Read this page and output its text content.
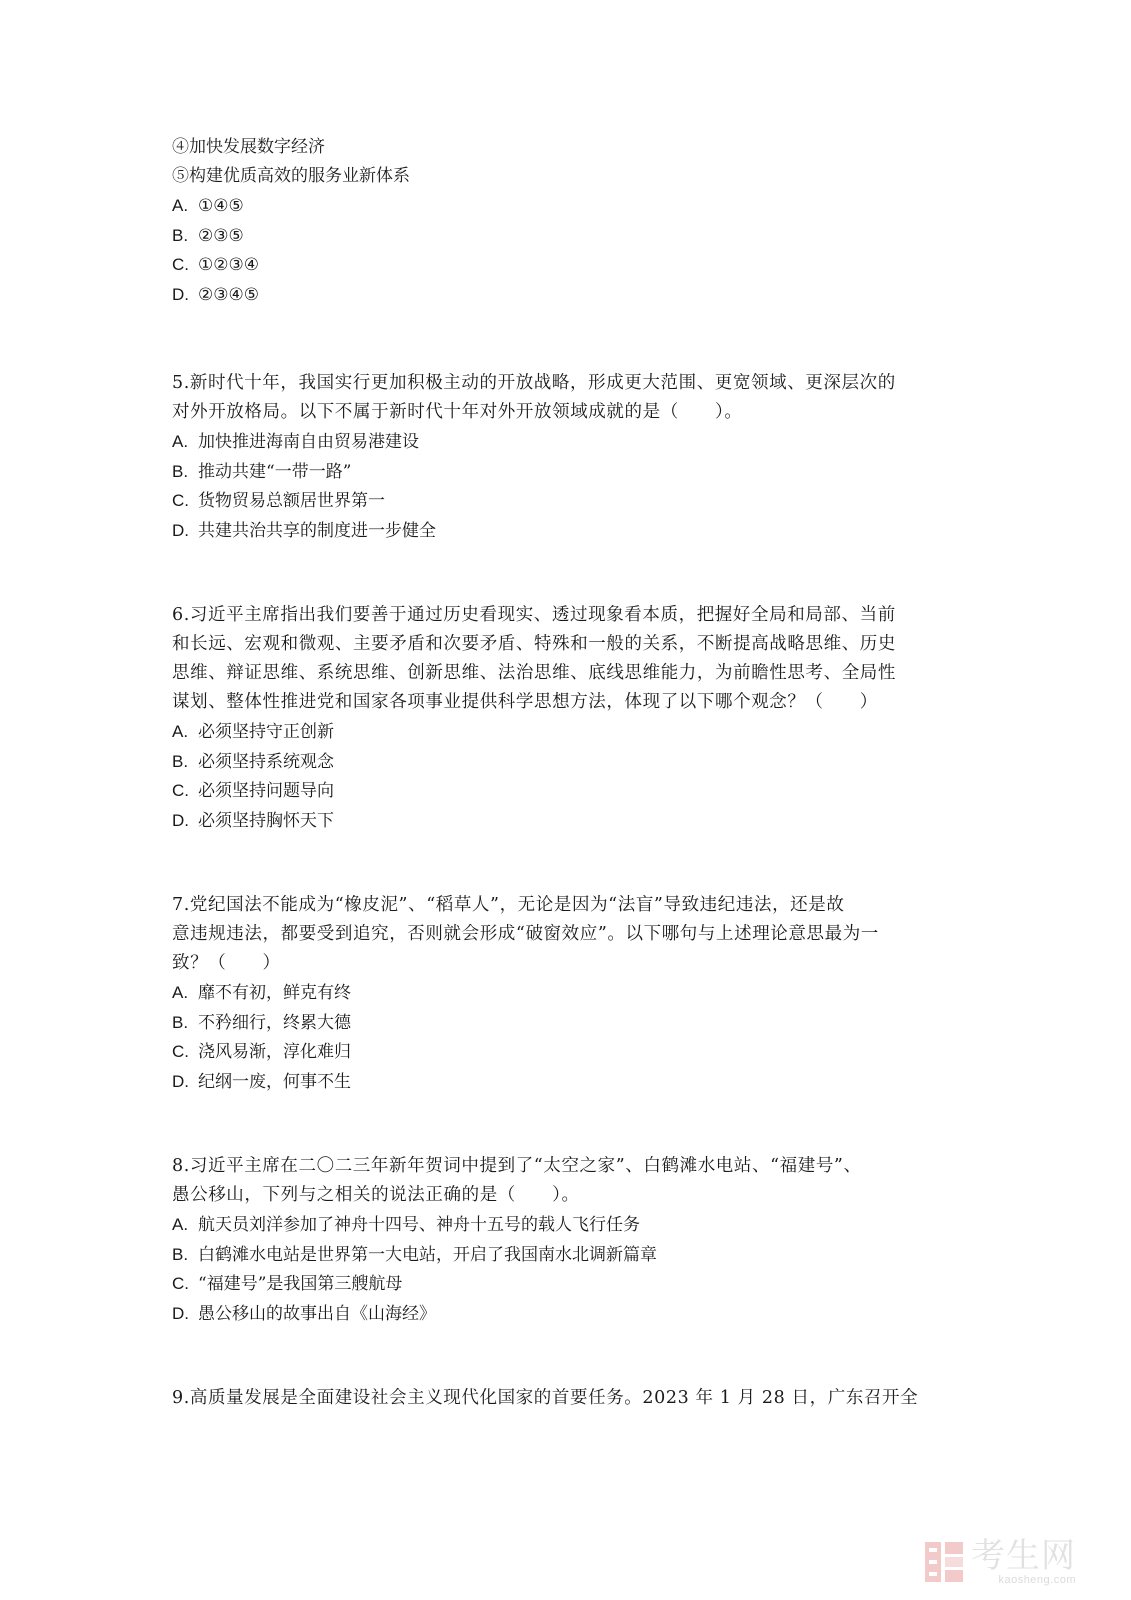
④加快发展数字经济
⑤构建优质高效的服务业新体系
A. ①④⑤
B. ②③⑤
C. ①②③④
D. ②③④⑤
5.新时代十年，我国实行更加积极主动的开放战略，形成更大范围、更宽领域、更深层次的
对外开放格局。以下不属于新时代十年对外开放领域成就的是（　　）。
A. 加快推进海南自由贸易港建设
B. 推动共建“一带一路”
C. 货物贸易总额居世界第一
D. 共建共治共享的制度进一步健全
6.习近平主席指出我们要善于通过历史看现实、透过现象看本质，把握好全局和局部、当前
和长远、宏观和微观、主要矛盾和次要矛盾、特殊和一般的关系，不断提高战略思维、历史
思维、辩证思维、系统思维、创新思维、法治思维、底线思维能力，为前瞻性思考、全局性
谋划、整体性推进党和国家各项事业提供科学思想方法，体现了以下哪个观念？（　　）
A. 必须坚持守正创新
B. 必须坚持系统观念
C. 必须坚持问题导向
D. 必须坚持胸怀天下
7.党纪国法不能成为“橡皮泥”、“稻草人”，无论是因为“法盲”导致违纪违法，还是故
意违规违法，都要受到追究，否则就会形成“破窗效应”。以下哪句与上述理论意思最为一
致？（　　）
A. 靡不有初，鲜克有终
B. 不矜细行，终累大德
C. 浇风易渐，淳化难归
D. 纪纲一废，何事不生
8.习近平主席在二〇二三年新年贺词中提到了“太空之家”、白鹤滩水电站、“福建号”、
愚公移山，下列与之相关的说法正确的是（　　）。
A. 航天员刘洋参加了神舟十四号、神舟十五号的载人飞行任务
B. 白鹤滩水电站是世界第一大电站，开启了我国南水北调新篇章
C. “福建号”是我国第三艘航母
D. 愚公移山的故事出自《山海经》
9.高质量发展是全面建设社会主义现代化国家的首要任务。2023 年 1 月 28 日，广东召开全
考生网
kaosheng.com
